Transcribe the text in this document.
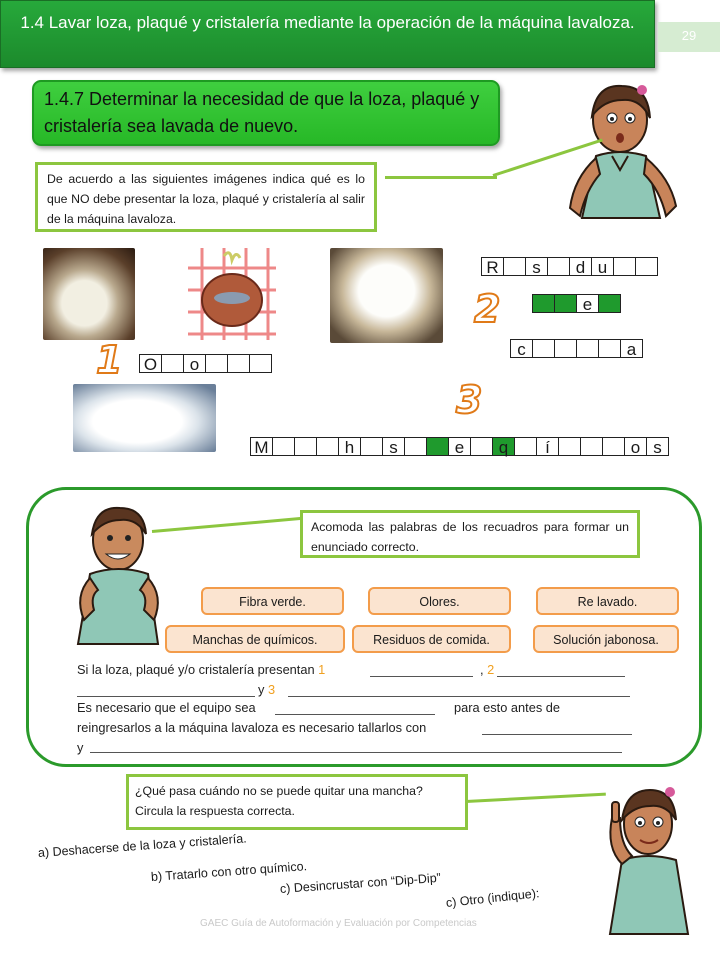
1.4 Lavar loza, plaqué y cristalería mediante la operación de la máquina lavaloza.
29
1.4.7 Determinar la necesidad de que la loza, plaqué y cristalería sea lavada de nuevo.
De acuerdo a las siguientes imágenes indica qué es lo que NO debe presentar la loza, plaqué y cristalería al salir de la máquina lavaloza.
1
2
3
O	o
R	s	d u
e
c	a
M	h	s	e	q	í	o s
Acomoda las palabras de los recuadros para formar un enunciado correcto.
Fibra verde.	Olores.	Re lavado.
Manchas de químicos.	Residuos de comida.	Solución jabonosa.
Si la loza, plaqué y/o cristalería presentan 1	, 2
y 3
Es necesario que el equipo sea	para esto antes de
reingresarlos a la máquina lavaloza es necesario tallarlos con
y
¿Qué pasa cuándo no se puede quitar una mancha? Circula la respuesta correcta.
a) Deshacerse de la loza y cristalería.
b) Tratarlo con otro químico.
c) Desincrustar con “Dip-Dip”
c) Otro (indique):
GAEC Guía de Autoformación y Evaluación por Competencias
